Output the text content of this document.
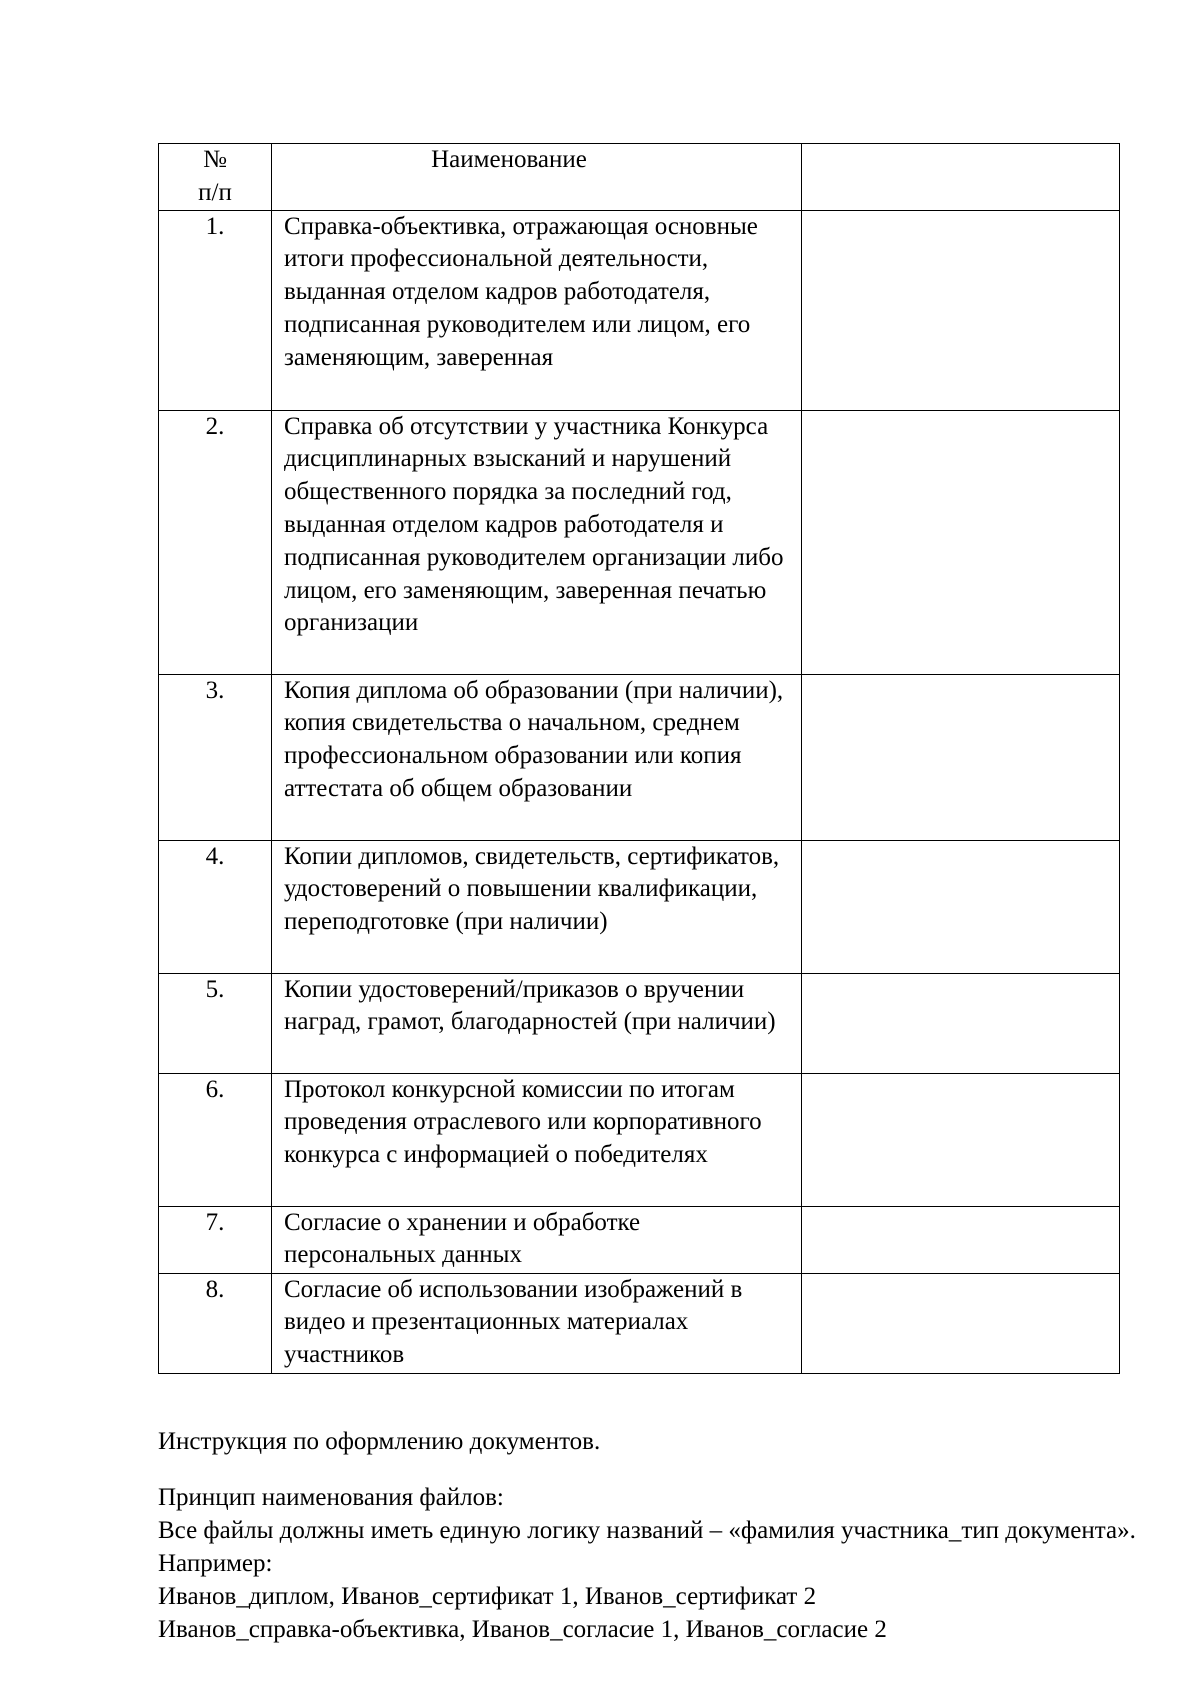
№
п/п	Наименование	
1.	Справка-объективка, отражающая основные итоги профессиональной деятельности, выданная отделом кадров работодателя, подписанная руководителем или лицом, его заменяющим, заверенная	
2.	Справка об отсутствии у участника Конкурса дисциплинарных взысканий и нарушений общественного порядка за последний год, выданная отделом кадров работодателя и подписанная руководителем организации либо лицом, его заменяющим, заверенная печатью организации	
3.	Копия диплома об образовании (при наличии), копия свидетельства о начальном, среднем профессиональном образовании или копия аттестата об общем образовании	
4.	Копии дипломов, свидетельств, сертификатов, удостоверений о повышении квалификации, переподготовке (при наличии)	
5.	Копии удостоверений/приказов о вручении наград, грамот, благодарностей (при наличии)	
6.	Протокол конкурсной комиссии по итогам проведения отраслевого или корпоративного конкурса с информацией о победителях	
7.	Согласие о хранении и обработке персональных данных	
8.	Согласие об использовании изображений в видео и презентационных материалах участников	

Инструкция по оформлению документов.

Принцип наименования файлов:

Все файлы должны иметь единую логику названий – «фамилия участника_тип документа». Например:

Иванов_диплом, Иванов_сертификат 1, Иванов_сертификат 2

Иванов_справка-объективка, Иванов_согласие 1, Иванов_согласие 2
